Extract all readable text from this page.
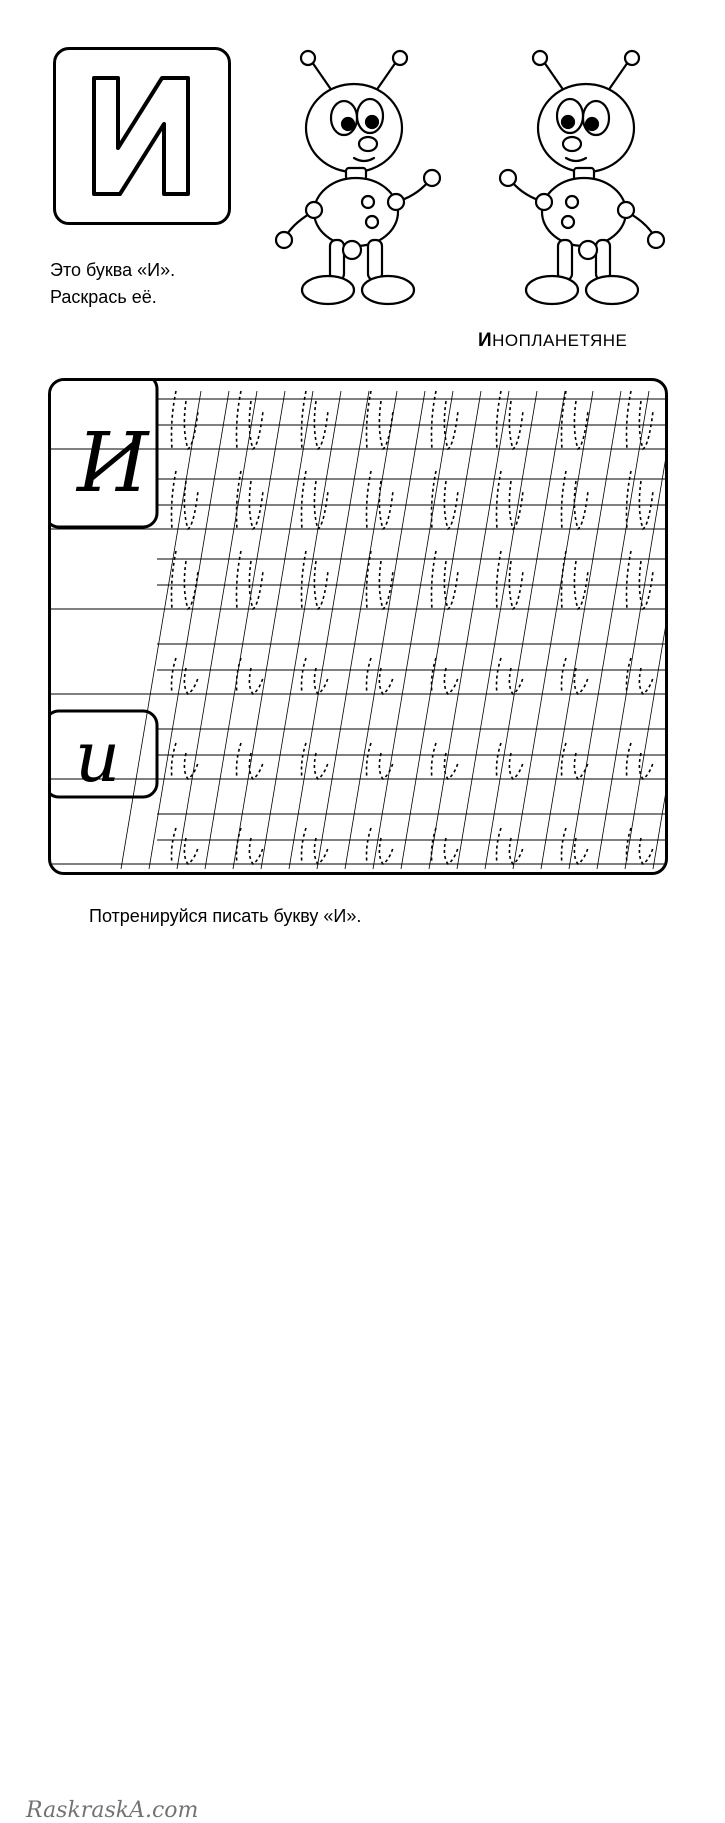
Это буква «И».
Раскрась её.
ИНОПЛАНЕТЯНЕ
И
и
RaskraskA.com
Потренируйся писать букву «И».
